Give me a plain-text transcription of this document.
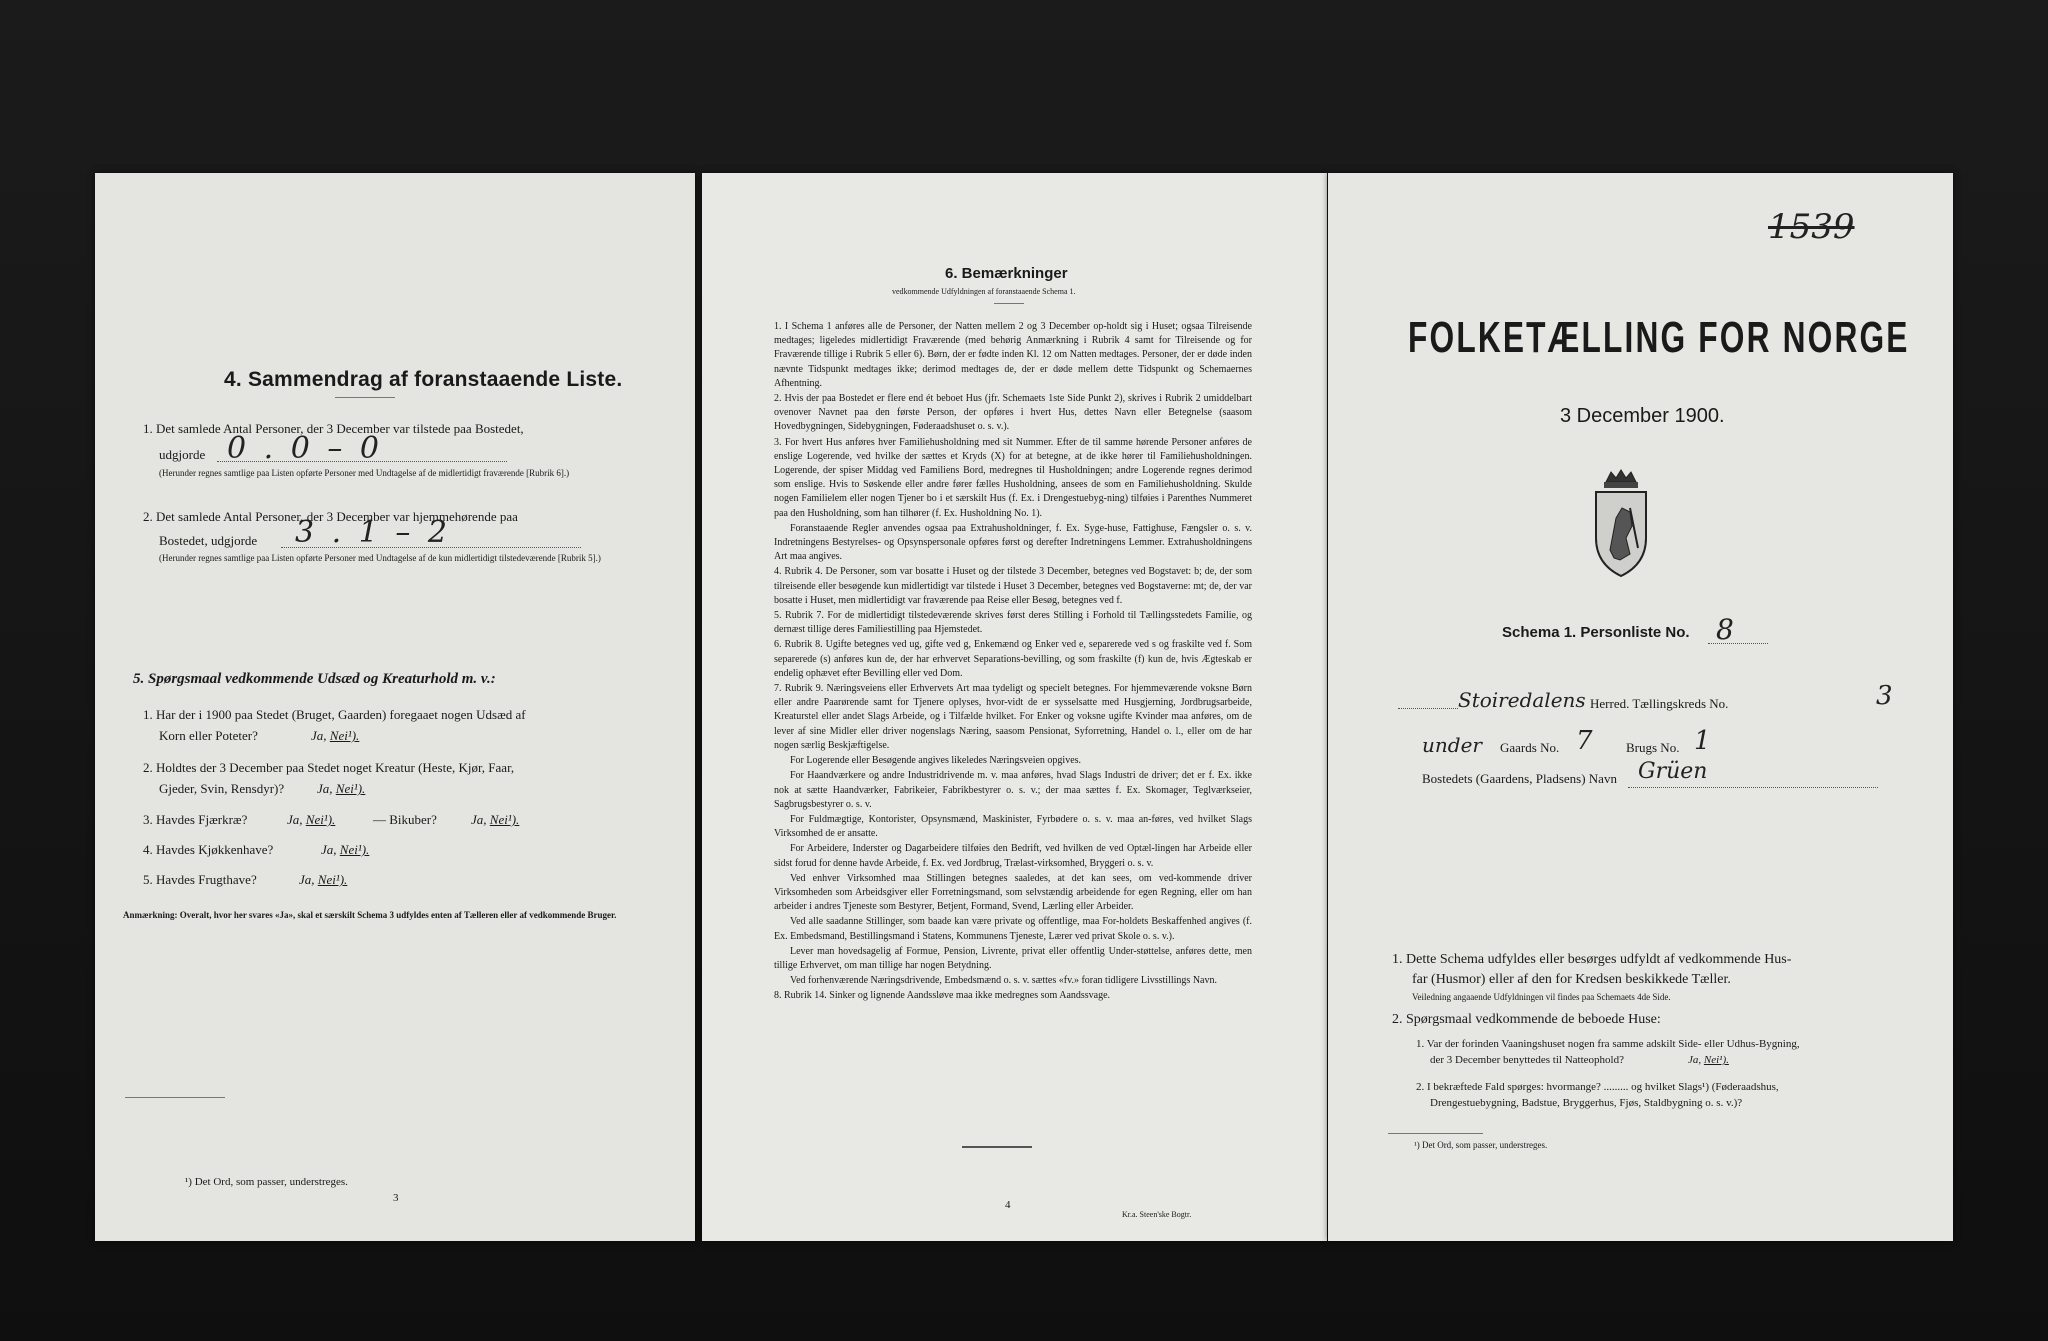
4. Sammendrag af foranstaaende Liste.
1. Det samlede Antal Personer, der 3 December var tilstede paa Bostedet,
udgjorde 0 . 0 – 0
(Herunder regnes samtlige paa Listen opførte Personer med Undtagelse af de midlertidigt fraværende [Rubrik 6].)
2. Det samlede Antal Personer, der 3 December var hjemmehørende paa
Bostedet, udgjorde 3 . 1 – 2
(Herunder regnes samtlige paa Listen opførte Personer med Undtagelse af de kun midlertidigt tilstedeværende [Rubrik 5].)
5. Spørgsmaal vedkommende Udsæd og Kreaturhold m. v.:
1. Har der i 1900 paa Stedet (Bruget, Gaarden) foregaaet nogen Udsæd af
Korn eller Poteter?	Ja, Nei¹).
2. Holdtes der 3 December paa Stedet noget Kreatur (Heste, Kjør, Faar,
Gjeder, Svin, Rensdyr)?	Ja, Nei¹).
3. Havdes Fjærkræ?	Ja, Nei¹).	— Bikuber?	Ja, Nei¹).
4. Havdes Kjøkkenhave?	Ja, Nei¹).
5. Havdes Frugthave?	Ja, Nei¹).
Anmærkning: Overalt, hvor her svares «Ja», skal et særskilt Schema 3 udfyldes enten af Tælleren eller af vedkommende Bruger.
¹) Det Ord, som passer, understreges.
3
6. Bemærkninger
vedkommende Udfyldningen af foranstaaende Schema 1.
1. I Schema 1 anføres alle de Personer, der Natten mellem 2 og 3 December op-holdt sig i Huset; ogsaa Tilreisende medtages; ligeledes midlertidigt Fraværende (med behørig Anmærkning i Rubrik 4 samt for Tilreisende og for Fraværende tillige i Rubrik 5 eller 6). Børn, der er fødte inden Kl. 12 om Natten medtages. Personer, der er døde inden nævnte Tidspunkt medtages ikke; derimod medtages de, der er døde mellem dette Tidspunkt og Schemaernes Afhentning.
2. Hvis der paa Bostedet er flere end ét beboet Hus (jfr. Schemaets 1ste Side Punkt 2), skrives i Rubrik 2 umiddelbart ovenover Navnet paa den første Person, der opføres i hvert Hus, dettes Navn eller Betegnelse (saasom Hovedbygningen, Sidebygningen, Føderaadshuset o. s. v.).
3. For hvert Hus anføres hver Familiehusholdning med sit Nummer. Efter de til samme hørende Personer anføres de enslige Logerende, ved hvilke der sættes et Kryds (X) for at betegne, at de ikke hører til Familiehusholdningen. Logerende, der spiser Middag ved Familiens Bord, medregnes til Husholdningen; andre Logerende regnes derimod som enslige. Hvis to Søskende eller andre fører fælles Husholdning, ansees de som en Familiehusholdning. Skulde nogen Familielem eller nogen Tjener bo i et særskilt Hus (f. Ex. i Drengestuebyg-ning) tilføies i Parenthes Nummeret paa den Husholdning, som han tilhører (f. Ex. Husholdning No. 1).
Foranstaaende Regler anvendes ogsaa paa Extrahusholdninger, f. Ex. Syge-huse, Fattighuse, Fængsler o. s. v. Indretningens Bestyrelses- og Opsynspersonale opføres først og derefter Indretningens Lemmer. Extrahusholdningens Art maa angives.
4. Rubrik 4. De Personer, som var bosatte i Huset og der tilstede 3 December, betegnes ved Bogstavet: b; de, der som tilreisende eller besøgende kun midlertidigt var tilstede i Huset 3 December, betegnes ved Bogstaverne: mt; de, der var bosatte i Huset, men midlertidigt var fraværende paa Reise eller Besøg, betegnes ved f.
5. Rubrik 7. For de midlertidigt tilstedeværende skrives først deres Stilling i Forhold til Tællingsstedets Familie, og dernæst tillige deres Familiestilling paa Hjemstedet.
6. Rubrik 8. Ugifte betegnes ved ug, gifte ved g, Enkemænd og Enker ved e, separerede ved s og fraskilte ved f. Som separerede (s) anføres kun de, der har erhvervet Separations-bevilling, og som fraskilte (f) kun de, hvis Ægteskab er endelig ophævet efter Bevilling eller ved Dom.
7. Rubrik 9. Næringsveiens eller Erhvervets Art maa tydeligt og specielt betegnes. For hjemmeværende voksne Børn eller andre Paarørende samt for Tjenere oplyses, hvor-vidt de er sysselsatte med Husgjerning, Jordbrugsarbeide, Kreaturstel eller andet Slags Arbeide, og i Tilfælde hvilket. For Enker og voksne ugifte Kvinder maa anføres, om de lever af sine Midler eller driver nogenslags Næring, saasom Pensionat, Syforretning, Handel o. l., eller om de har nogen særlig Beskjæftigelse.
For Logerende eller Besøgende angives likeledes Næringsveien opgives.
For Haandværkere og andre Industridrivende m. v. maa anføres, hvad Slags Industri de driver; det er f. Ex. ikke nok at sætte Haandværker, Fabrikeier, Fabrikbestyrer o. s. v.; der maa sættes f. Ex. Skomager, Teglværkseier, Sagbrugsbestyrer o. s. v.
For Fuldmægtige, Kontorister, Opsynsmænd, Maskinister, Fyrbødere o. s. v. maa an-føres, ved hvilket Slags Virksomhed de er ansatte.
For Arbeidere, Inderster og Dagarbeidere tilføies den Bedrift, ved hvilken de ved Optæl-lingen har Arbeide eller sidst forud for denne havde Arbeide, f. Ex. ved Jordbrug, Trælast-virksomhed, Bryggeri o. s. v.
Ved enhver Virksomhed maa Stillingen betegnes saaledes, at det kan sees, om ved-kommende driver Virksomheden som Arbeidsgiver eller Forretningsmand, som selvstændig arbeidende for egen Regning, eller om han arbeider i andres Tjeneste som Bestyrer, Betjent, Formand, Svend, Lærling eller Arbeider.
Ved alle saadanne Stillinger, som baade kan være private og offentlige, maa For-holdets Beskaffenhed angives (f. Ex. Embedsmand, Bestillingsmand i Statens, Kommunens Tjeneste, Lærer ved privat Skole o. s. v.).
Lever man hovedsagelig af Formue, Pension, Livrente, privat eller offentlig Under-støttelse, anføres dette, men tillige Erhvervet, om man tillige har nogen Betydning.
Ved forhenværende Næringsdrivende, Embedsmænd o. s. v. sættes «fv.» foran tidligere Livsstillings Navn.
8. Rubrik 14. Sinker og lignende Aandssløve maa ikke medregnes som Aandssvage.
4
Kr.a. Steen'ske Bogtr.
1539
FOLKETÆLLING FOR NORGE
3 December 1900.
Schema 1. Personliste No. 8
Stoiredalens Herred. Tællingskreds No.	3
under Gaards No. 7	Brugs No. 1
Bostedets (Gaardens, Pladsens) Navn Grüen
1. Dette Schema udfyldes eller besørges udfyldt af vedkommende Hus-
far (Husmor) eller af den for Kredsen beskikkede Tæller.
Veiledning angaaende Udfyldningen vil findes paa Schemaets 4de Side.
2. Spørgsmaal vedkommende de beboede Huse:
1. Var der forinden Vaaningshuset nogen fra samme adskilt Side- eller Udhus-Bygning,
der 3 December benyttedes til Natteophold?	Ja, Nei¹).
2. I bekræftede Fald spørges: hvormange? ......... og hvilket Slags¹) (Føderaadshus,
Drengestuebygning, Badstue, Bryggerhus, Fjøs, Staldbygning o. s. v.)?
¹) Det Ord, som passer, understreges.
